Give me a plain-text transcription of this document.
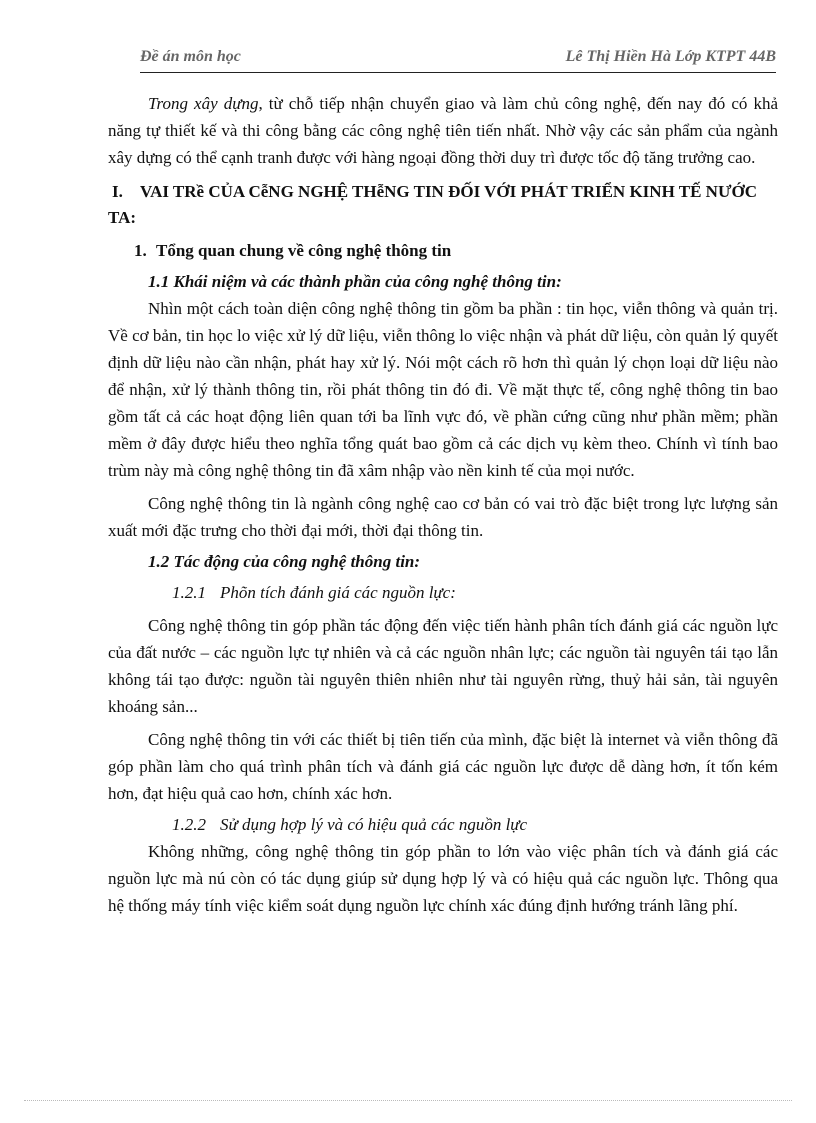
Đề án môn học	Lê Thị Hiền Hà Lớp KTPT 44B

Trong xây dựng, từ chỗ tiếp nhận chuyển giao và làm chủ công nghệ, đến nay đó có khả năng tự thiết kế và thi công bằng các công nghệ tiên tiến nhất. Nhờ vậy các sản phẩm của ngành xây dựng có thể cạnh tranh được với hàng ngoại đồng thời duy trì được tốc độ tăng trưởng cao.

I. VAI TRề CỦA CễNG NGHỆ THễNG TIN ĐỐI VỚI PHÁT TRIỂN KINH TẾ NƯỚC TA:

1. Tổng quan chung về công nghệ thông tin

1.1 Khái niệm và các thành phần của công nghệ thông tin:

Nhìn một cách toàn diện công nghệ thông tin gồm ba phần : tin học, viễn thông và quản trị. Về cơ bản, tin học lo việc xử lý dữ liệu, viễn thông lo việc nhận và phát dữ liệu, còn quản lý quyết định dữ liệu nào cần nhận, phát hay xử lý. Nói một cách rõ hơn thì quản lý chọn loại dữ liệu nào để nhận, xử lý thành thông tin, rồi phát thông tin đó đi. Về mặt thực tế, công nghệ thông tin bao gồm tất cả các hoạt động liên quan tới ba lĩnh vực đó, về phần cứng cũng như phần mềm; phần mềm ở đây được hiểu theo nghĩa tổng quát bao gồm cả các dịch vụ kèm theo. Chính vì tính bao trùm này mà công nghệ thông tin đã xâm nhập vào nền kinh tế của mọi nước.

Công nghệ thông tin là ngành công nghệ cao cơ bản có vai trò đặc biệt trong lực lượng sản xuất mới đặc trưng cho thời đại mới, thời đại thông tin.

1.2 Tác động của công nghệ thông tin:

1.2.1 Phõn tích đánh giá các nguồn lực:

Công nghệ thông tin góp phần tác động đến việc tiến hành phân tích đánh giá các nguồn lực của đất nước – các nguồn lực tự nhiên và cả các nguồn nhân lực; các nguồn tài nguyên tái tạo lẫn không tái tạo được: nguồn tài nguyên thiên nhiên như tài nguyên rừng, thuỷ hải sản, tài nguyên khoáng sản...

Công nghệ thông tin với các thiết bị tiên tiến của mình, đặc biệt là internet và viễn thông đã góp phần làm cho quá trình phân tích và đánh giá các nguồn lực được dễ dàng hơn, ít tốn kém hơn, đạt hiệu quả cao hơn, chính xác hơn.

1.2.2 Sử dụng hợp lý và có hiệu quả các nguồn lực

Không những, công nghệ thông tin góp phần to lớn vào việc phân tích và đánh giá các nguồn lực mà nú còn có tác dụng giúp sử dụng hợp lý và có hiệu quả các nguồn lực. Thông qua hệ thống máy tính việc kiểm soát dụng nguồn lực chính xác đúng định hướng tránh lãng phí.
